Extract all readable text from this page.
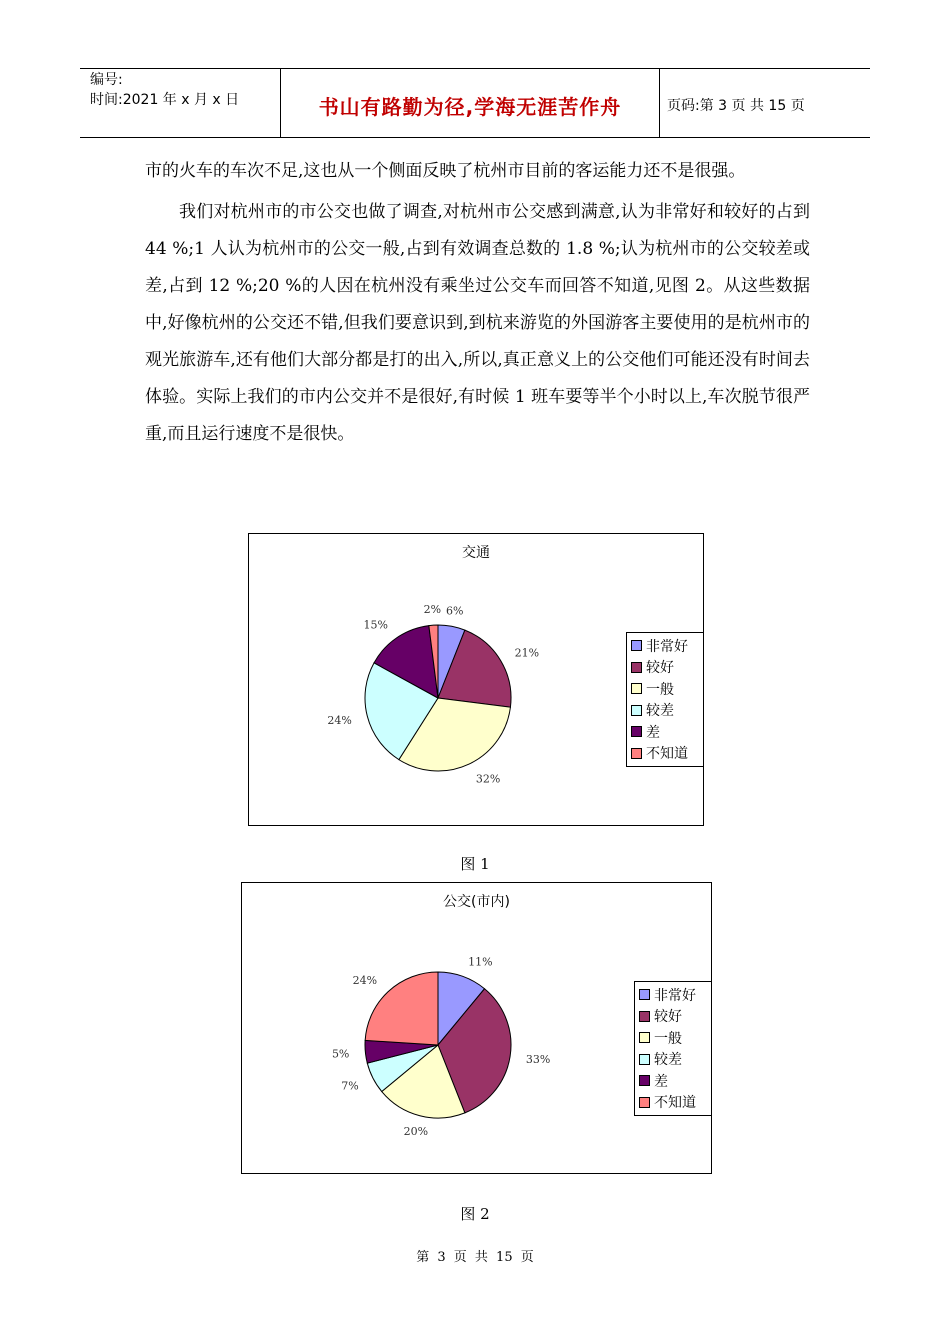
编号:
时间:2021 年 x 月 x 日	书山有路勤为径,学海无涯苦作舟	页码:第 3 页 共 15 页

市的火车的车次不足,这也从一个侧面反映了杭州市目前的客运能力还不是很强。

我们对杭州市的市公交也做了调查,对杭州市公交感到满意,认为非常好和较好的占到 44 %;1 人认为杭州市的公交一般,占到有效调查总数的 1.8 %;认为杭州市的公交较差或差,占到 12 %;20 %的人因在杭州没有乘坐过公交车而回答不知道,见图 2。从这些数据中,好像杭州的公交还不错,但我们要意识到,到杭来游览的外国游客主要使用的是杭州市的观光旅游车,还有他们大部分都是打的出入,所以,真正意义上的公交他们可能还没有时间去体验。实际上我们的市内公交并不是很好,有时候 1 班车要等半个小时以上,车次脱节很严重,而且运行速度不是很快。

交通
6%
21%
32%
24%
15%
2%
非常好
较好
一般
较差
差
不知道
图 1
公交(市内)
11%
33%
20%
7%
5%
24%
非常好
较好
一般
较差
差
不知道
图 2
第 3 页 共 15 页
